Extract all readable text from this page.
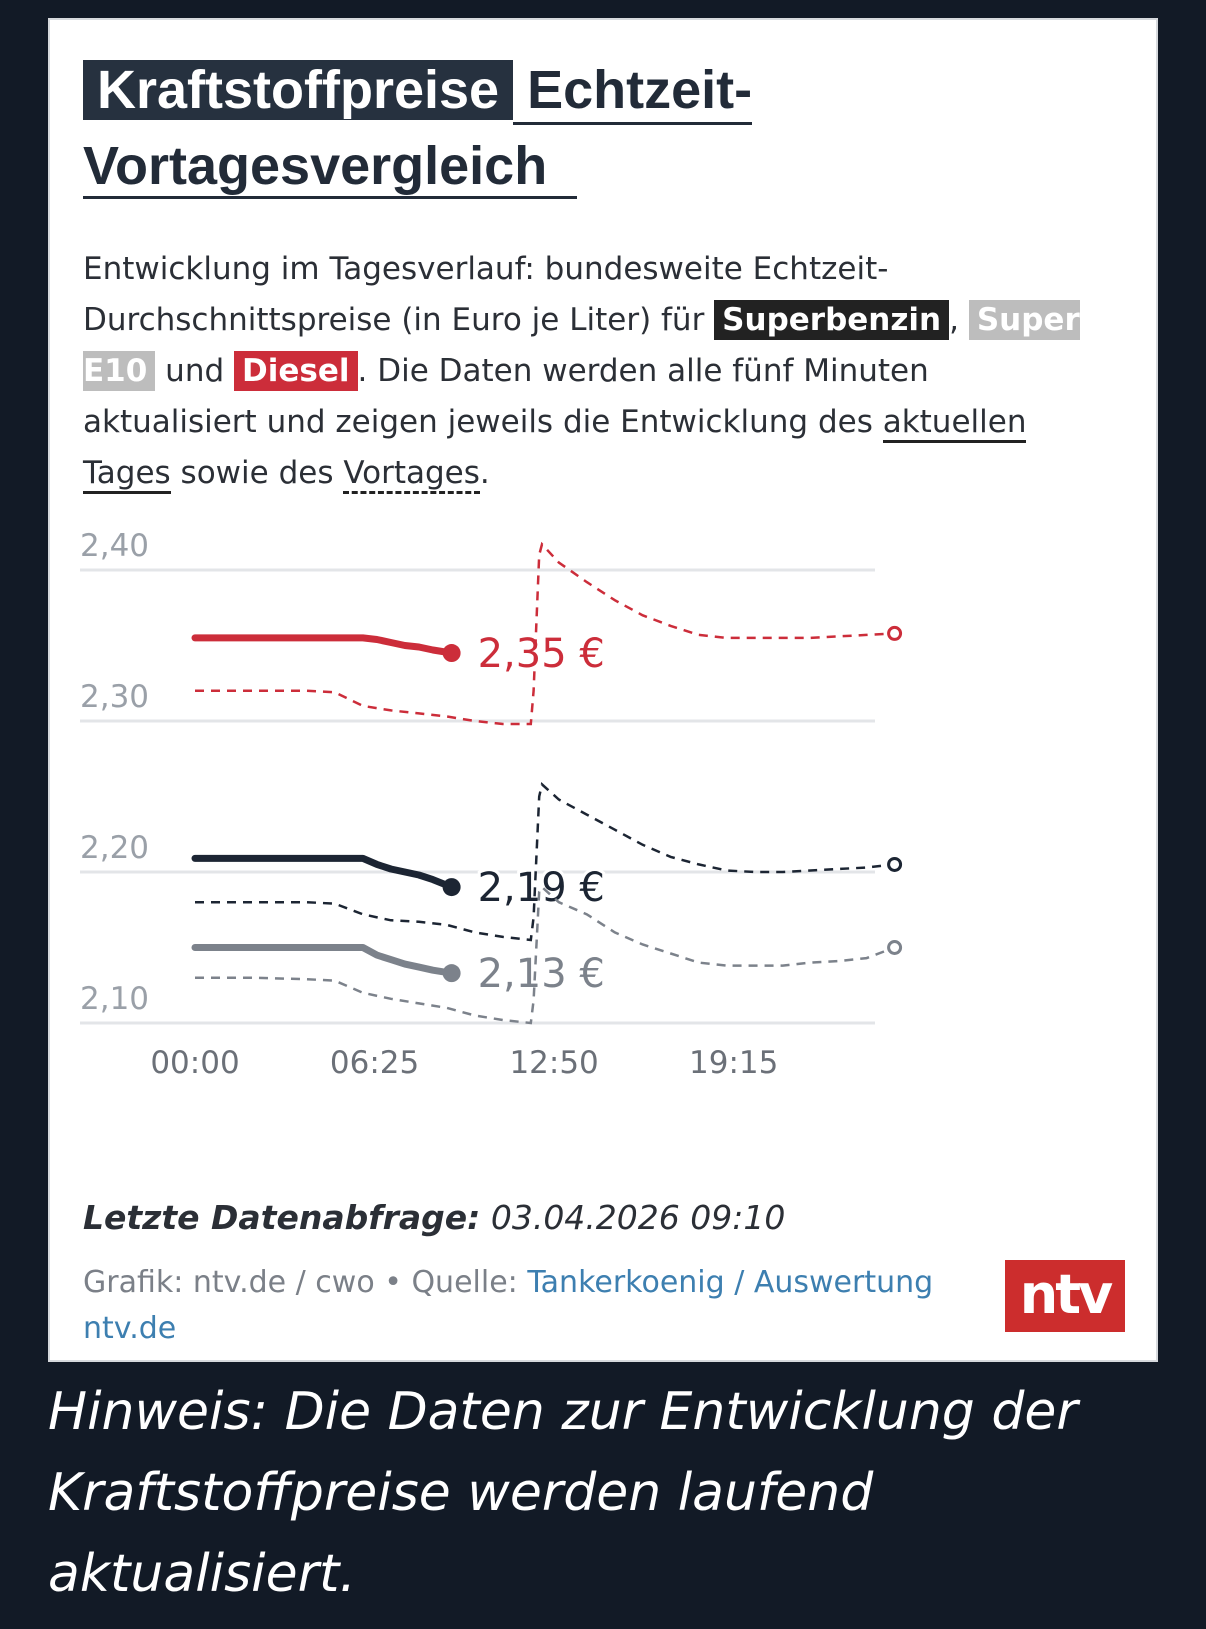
Kraftstoffpreise Echtzeit-
Vortagesvergleich
Entwicklung im Tagesverlauf: bundesweite Echtzeit-Durchschnittspreise (in Euro je Liter) für Superbenzin , Super E10 und Diesel . Die Daten werden alle fünf Minuten aktualisiert und zeigen jeweils die Entwicklung des aktuellen Tages sowie des Vortages.
2,40
2,30
2,20
2,10
00:00	06:25	12:50	19:15
2,35 €
2,19 €
2,13 €
Letzte Datenabfrage: 03.04.2026 09:10
Grafik: ntv.de / cwo • Quelle: Tankerkoenig / Auswertung ntv.de
ntv
Hinweis: Die Daten zur Entwicklung der Kraftstoffpreise werden laufend aktualisiert.
